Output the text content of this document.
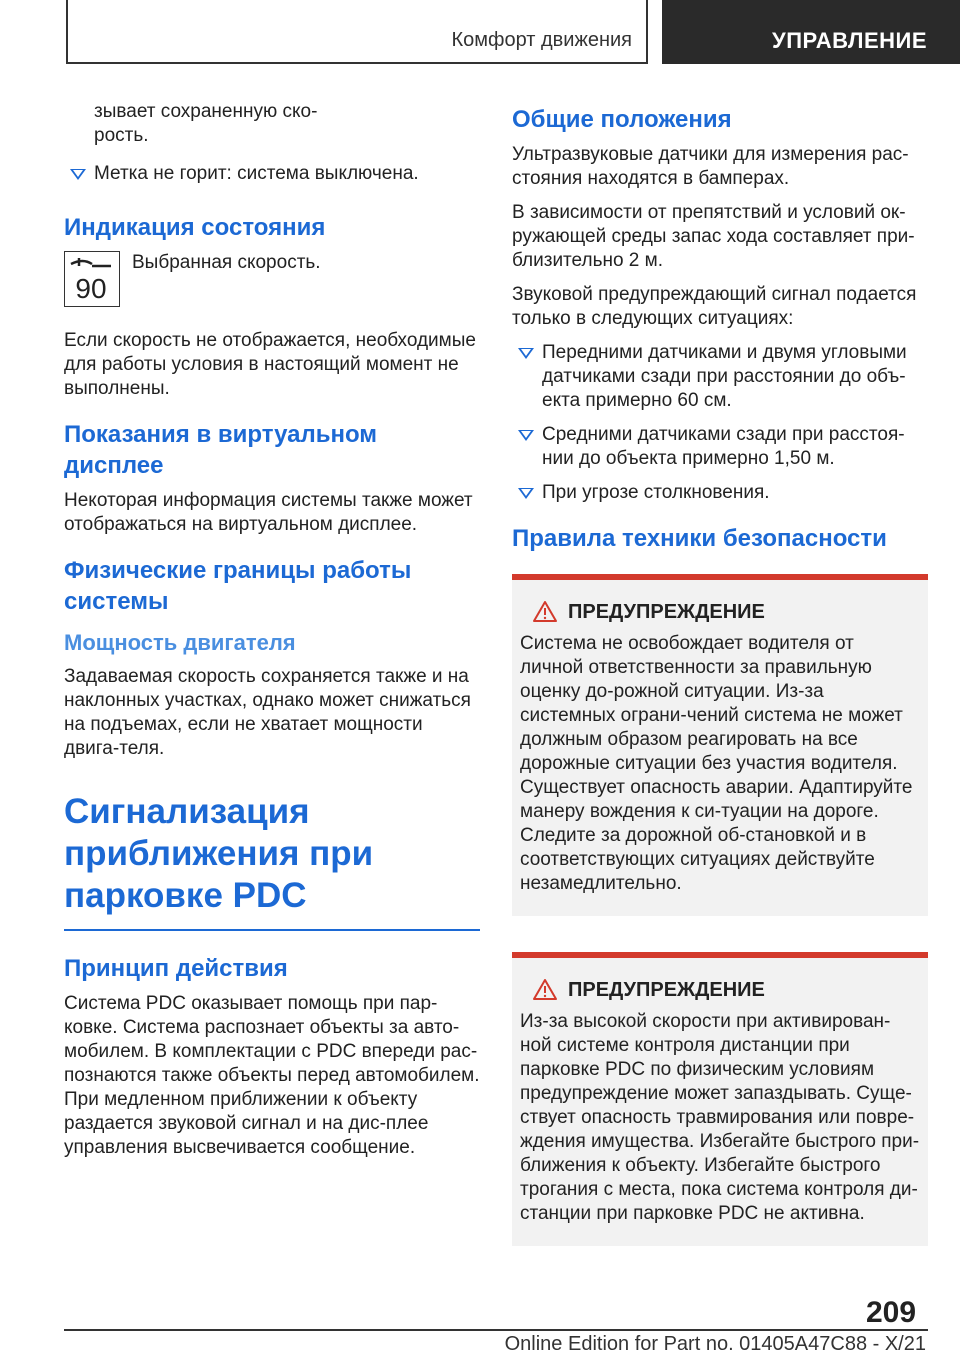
Комфорт движения	УПРАВЛЕНИЕ
зывает сохраненную ско-
рость.
Метка не горит: система выключена.
Индикация состояния
90
Выбранная скорость.

Если скорость не отображается, необходимые для работы условия в настоящий момент не выполнены.

Показания в виртуальном дисплее

Некоторая информация системы также может отображаться на виртуальном дисплее.

Физические границы работы системы
Мощность двигателя

Задаваемая скорость сохраняется также и на наклонных участках, однако может снижаться на подъемах, если не хватает мощности двига-теля.

Сигнализация приближения при парковке PDC
Принцип действия

Система PDC оказывает помощь при пар-ковке. Система распознает объекты за авто-мобилем. В комплектации с PDC впереди рас-познаются также объекты перед автомобилем. При медленном приближении к объекту раздается звуковой сигнал и на дис-плее управления высвечивается сообщение.

Общие положения

Ультразвуковые датчики для измерения рас-стояния находятся в бамперах.

В зависимости от препятствий и условий ок-ружающей среды запас хода составляет при-близительно 2 м.

Звуковой предупреждающий сигнал подается только в следующих ситуациях:

Передними датчиками и двумя угловыми датчиками сзади при расстоянии до объ-екта примерно 60 см.
Средними датчиками сзади при расстоя-нии до объекта примерно 1,50 м.
При угрозе столкновения.
Правила техники безопасности
ПРЕДУПРЕЖДЕНИЕ
Система не освобождает водителя от личной ответственности за правильную оценку до-рожной ситуации. Из-за системных ограни-чений система не может должным образом реагировать на все дорожные ситуации без участия водителя. Существует опасность аварии. Адаптируйте манеру вождения к си-туации на дороге. Следите за дорожной об-становкой и в соответствующих ситуациях действуйте незамедлительно.
ПРЕДУПРЕЖДЕНИЕ
Из-за высокой скорости при активирован-ной системе контроля дистанции при парковке PDC по физическим условиям предупреждение может запаздывать. Суще-ствует опасность травмирования или повре-ждения имущества. Избегайте быстрого при-ближения к объекту. Избегайте быстрого трогания с места, пока система контроля ди-станции при парковке PDC не активна.
209
Online Edition for Part no. 01405A47C88 - X/21
